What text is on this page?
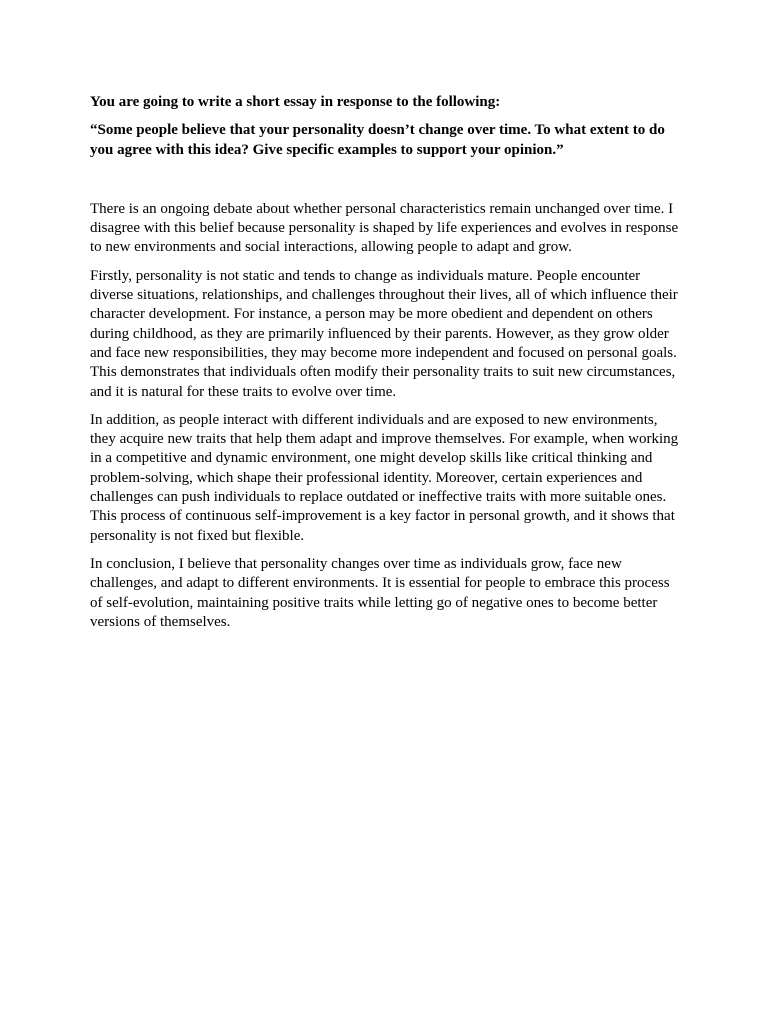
You are going to write a short essay in response to the following:

“Some people believe that your personality doesn’t change over time. To what extent to do you agree with this idea? Give specific examples to support your opinion.”

There is an ongoing debate about whether personal characteristics remain unchanged over time. I disagree with this belief because personality is shaped by life experiences and evolves in response to new environments and social interactions, allowing people to adapt and grow.

Firstly, personality is not static and tends to change as individuals mature. People encounter diverse situations, relationships, and challenges throughout their lives, all of which influence their character development. For instance, a person may be more obedient and dependent on others during childhood, as they are primarily influenced by their parents. However, as they grow older and face new responsibilities, they may become more independent and focused on personal goals. This demonstrates that individuals often modify their personality traits to suit new circumstances, and it is natural for these traits to evolve over time.

In addition, as people interact with different individuals and are exposed to new environments, they acquire new traits that help them adapt and improve themselves. For example, when working in a competitive and dynamic environment, one might develop skills like critical thinking and problem-solving, which shape their professional identity. Moreover, certain experiences and challenges can push individuals to replace outdated or ineffective traits with more suitable ones. This process of continuous self-improvement is a key factor in personal growth, and it shows that personality is not fixed but flexible.

In conclusion, I believe that personality changes over time as individuals grow, face new challenges, and adapt to different environments. It is essential for people to embrace this process of self-evolution, maintaining positive traits while letting go of negative ones to become better versions of themselves.
